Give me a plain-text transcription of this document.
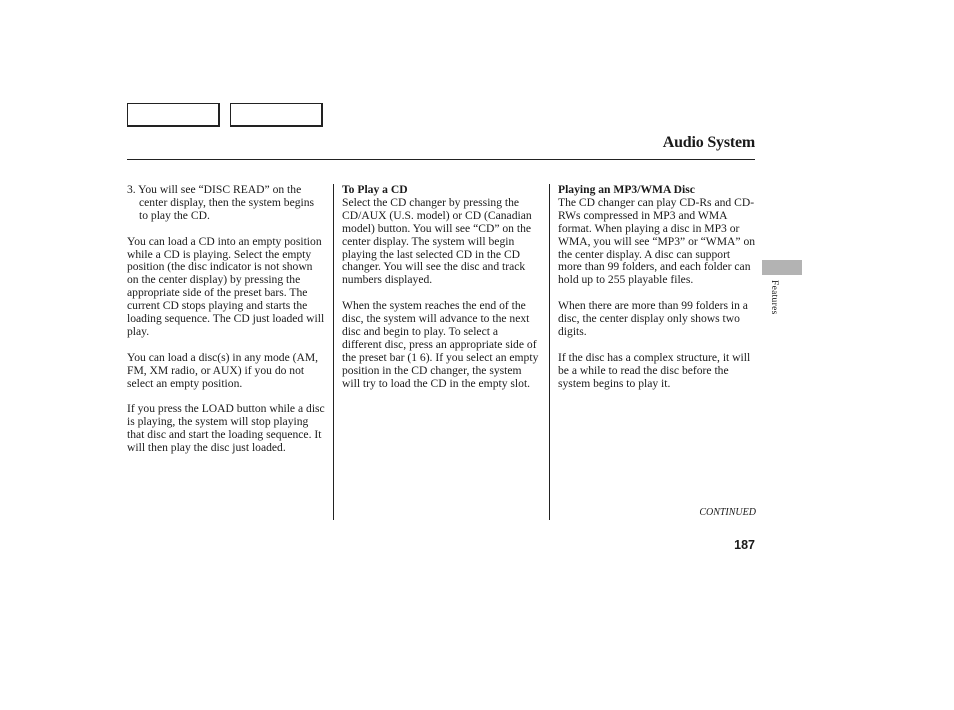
Audio System

3. You will see “DISC READ” on the center display, then the system begins to play the CD.

You can load a CD into an empty position while a CD is playing. Select the empty position (the disc indicator is not shown on the center display) by pressing the appropriate side of the preset bars. The current CD stops playing and starts the loading sequence. The CD just loaded will play.

You can load a disc(s) in any mode (AM, FM, XM radio, or AUX) if you do not select an empty position.

If you press the LOAD button while a disc is playing, the system will stop playing that disc and start the loading sequence. It will then play the disc just loaded.

To Play a CD

Select the CD changer by pressing the CD/AUX (U.S. model) or CD (Canadian model) button. You will see “CD” on the center display. The system will begin playing the last selected CD in the CD changer. You will see the disc and track numbers displayed.

When the system reaches the end of the disc, the system will advance to the next disc and begin to play. To select a different disc, press an appropriate side of the preset bar (1 6). If you select an empty position in the CD changer, the system will try to load the CD in the empty slot.

Playing an MP3/WMA Disc

The CD changer can play CD-Rs and CD-RWs compressed in MP3 and WMA format. When playing a disc in MP3 or WMA, you will see “MP3” or “WMA” on the center display. A disc can support more than 99 folders, and each folder can hold up to 255 playable files.

When there are more than 99 folders in a disc, the center display only shows two digits.

If the disc has a complex structure, it will be a while to read the disc before the system begins to play it.

Features
CONTINUED
187
